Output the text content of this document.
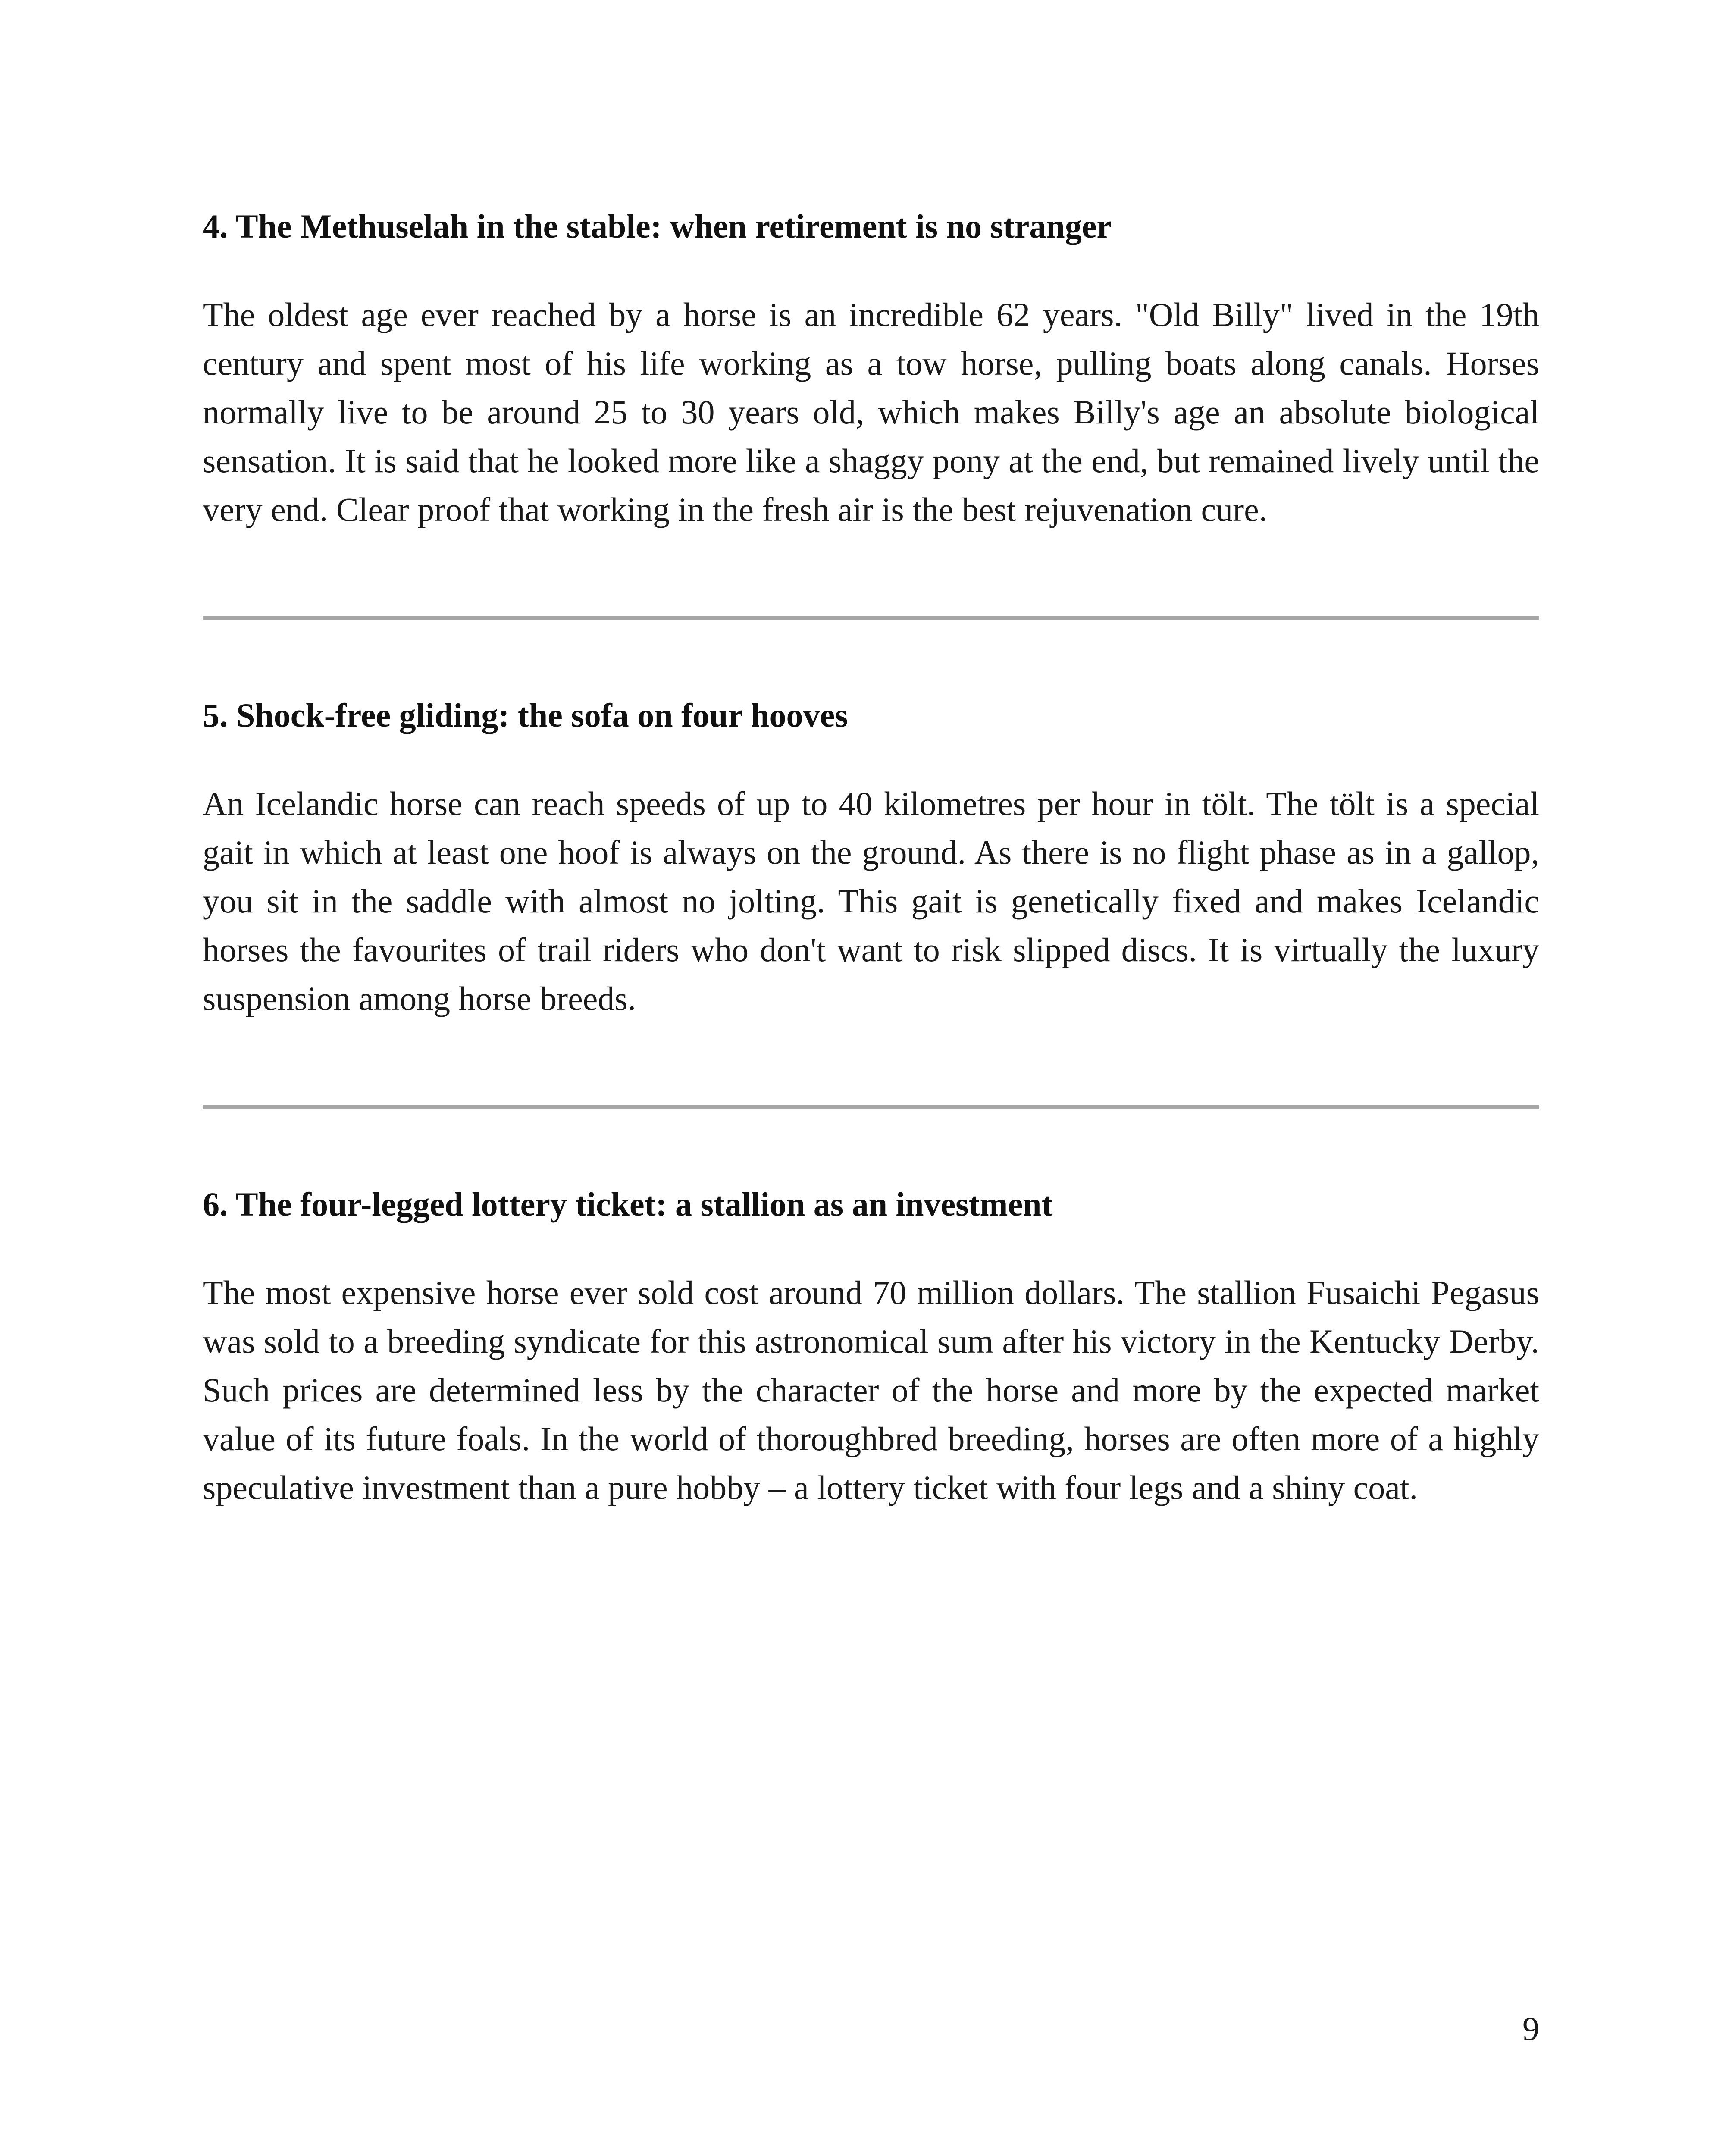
4. The Methuselah in the stable: when retirement is no stranger

The oldest age ever reached by a horse is an incredible 62 years. "Old Billy" lived in the 19th century and spent most of his life working as a tow horse, pulling boats along canals. Horses normally live to be around 25 to 30 years old, which makes Billy's age an absolute biological sensation. It is said that he looked more like a shaggy pony at the end, but remained lively until the very end. Clear proof that working in the fresh air is the best rejuvenation cure.

5. Shock-free gliding: the sofa on four hooves

An Icelandic horse can reach speeds of up to 40 kilometres per hour in tölt. The tölt is a special gait in which at least one hoof is always on the ground. As there is no flight phase as in a gallop, you sit in the saddle with almost no jolting. This gait is genetically fixed and makes Icelandic horses the favourites of trail riders who don't want to risk slipped discs. It is virtually the luxury suspension among horse breeds.

6. The four-legged lottery ticket: a stallion as an investment

The most expensive horse ever sold cost around 70 million dollars. The stallion Fusaichi Pegasus was sold to a breeding syndicate for this astronomical sum after his victory in the Kentucky Derby. Such prices are determined less by the character of the horse and more by the expected market value of its future foals. In the world of thoroughbred breeding, horses are often more of a highly speculative investment than a pure hobby – a lottery ticket with four legs and a shiny coat.

9
